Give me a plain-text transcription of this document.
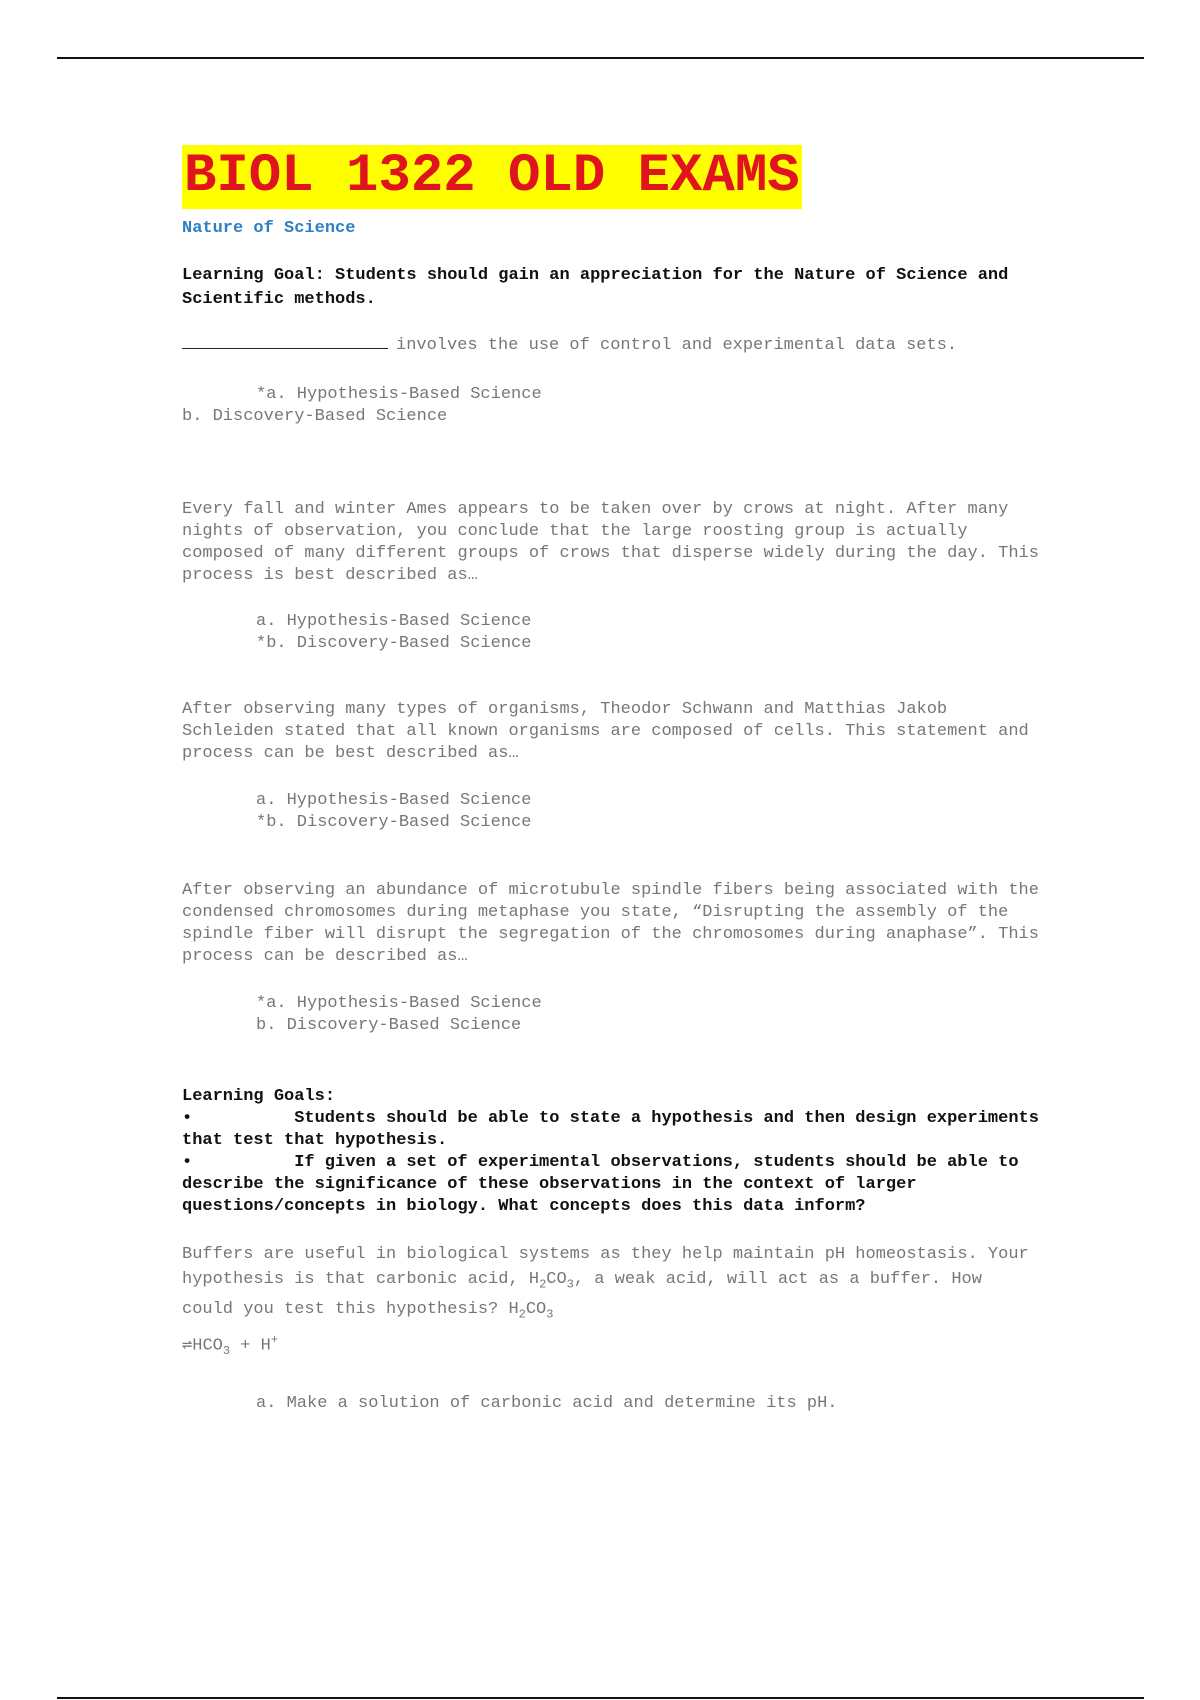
BIOL 1322 OLD EXAMS
Nature of Science
Learning Goal: Students should gain an appreciation for the Nature of Science and Scientific methods.
involves the use of control and experimental data sets.
*a. Hypothesis-Based Science
b. Discovery-Based Science
Every fall and winter Ames appears to be taken over by crows at night. After many nights of observation, you conclude that the large roosting group is actually composed of many different groups of crows that disperse widely during the day. This process is best described as…
a. Hypothesis-Based Science
*b. Discovery-Based Science
After observing many types of organisms, Theodor Schwann and Matthias Jakob Schleiden stated that all known organisms are composed of cells. This statement and process can be best described as…
a. Hypothesis-Based Science
*b. Discovery-Based Science
After observing an abundance of microtubule spindle fibers being associated with the condensed chromosomes during metaphase you state, “Disrupting the assembly of the spindle fiber will disrupt the segregation of the chromosomes during anaphase”. This process can be described as…
*a. Hypothesis-Based Science
b. Discovery-Based Science
Learning Goals:
•	Students should be able to state a hypothesis and then design experiments that test that hypothesis.
•	If given a set of experimental observations, students should be able to describe the significance of these observations in the context of larger questions/concepts in biology. What concepts does this data inform?
Buffers are useful in biological systems as they help maintain pH homeostasis. Your hypothesis is that carbonic acid, $H_2CO_3$, a weak acid, will act as a buffer. How could you test this hypothesis? $H_2CO_3$
$\rightleftharpoons HCO_3 + H^+$
a. Make a solution of carbonic acid and determine its pH.
